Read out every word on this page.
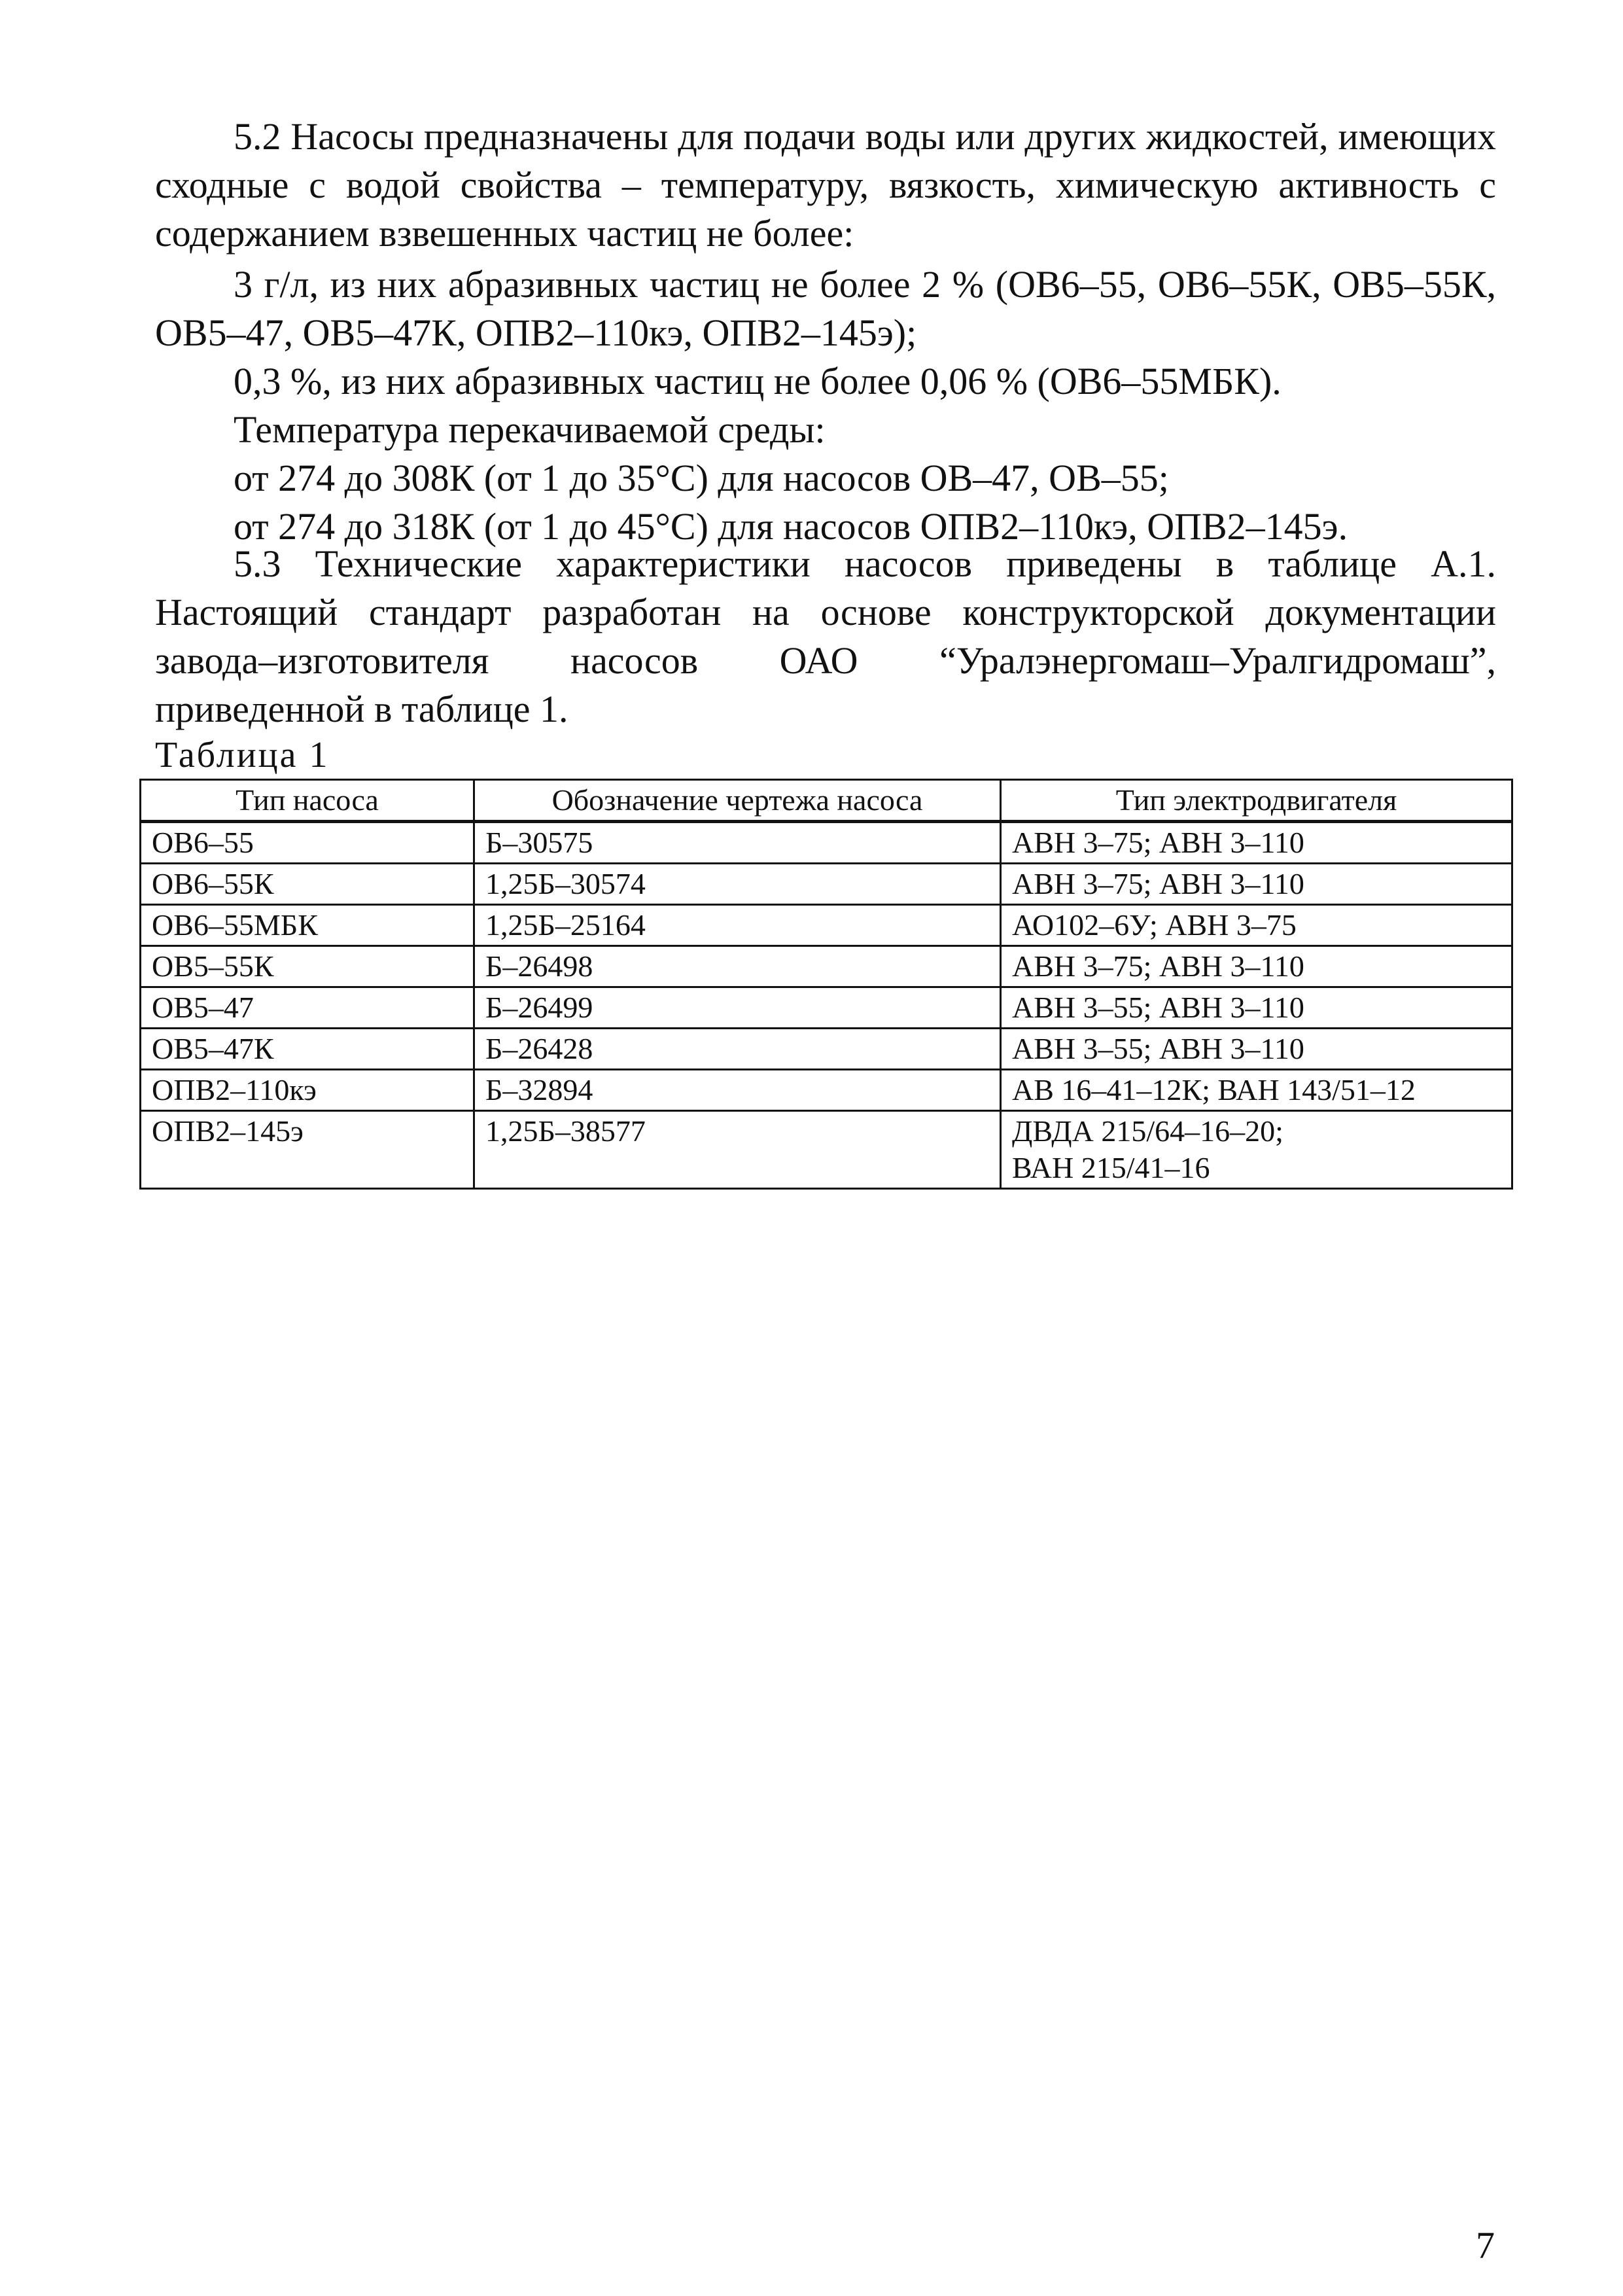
5.2 Насосы предназначены для подачи воды или других жидкостей, имеющих сходные с водой свойства – температуру, вязкость, химическую активность с содержанием взвешенных частиц не более:

3 г/л, из них абразивных частиц не более 2 % (ОВ6–55, ОВ6–55К, ОВ5–55К, ОВ5–47, ОВ5–47К, ОПВ2–110кэ, ОПВ2–145э);

0,3 %, из них абразивных частиц не более 0,06 % (ОВ6–55МБК).

Температура перекачиваемой среды:

от 274 до 308К (от 1 до 35°С) для насосов ОВ–47, ОВ–55;

от 274 до 318К (от 1 до 45°С) для насосов ОПВ2–110кэ, ОПВ2–145э.

5.3 Технические характеристики насосов приведены в таблице А.1. Настоящий стандарт разработан на основе конструкторской документации завода–изготовителя насосов ОАО “Уралэнергомаш–Уралгидромаш”, приведенной в таблице 1.

Таблица 1
Тип насоса	Обозначение чертежа насоса	Тип электродвигателя
ОВ6–55	Б–30575	АВН 3–75; АВН 3–110

ОВ6–55К	1,25Б–30574	АВН 3–75; АВН 3–110

ОВ6–55МБК	1,25Б–25164	АО102–6У; АВН 3–75

ОВ5–55К	Б–26498	АВН 3–75; АВН 3–110

ОВ5–47	Б–26499	АВН 3–55; АВН 3–110

ОВ5–47К	Б–26428	АВН 3–55; АВН 3–110

ОПВ2–110кэ	Б–32894	АВ 16–41–12К; ВАН 143/51–12

ОПВ2–145э	1,25Б–38577	ДВДА 215/64–16–20;
ВАН 215/41–16
7
